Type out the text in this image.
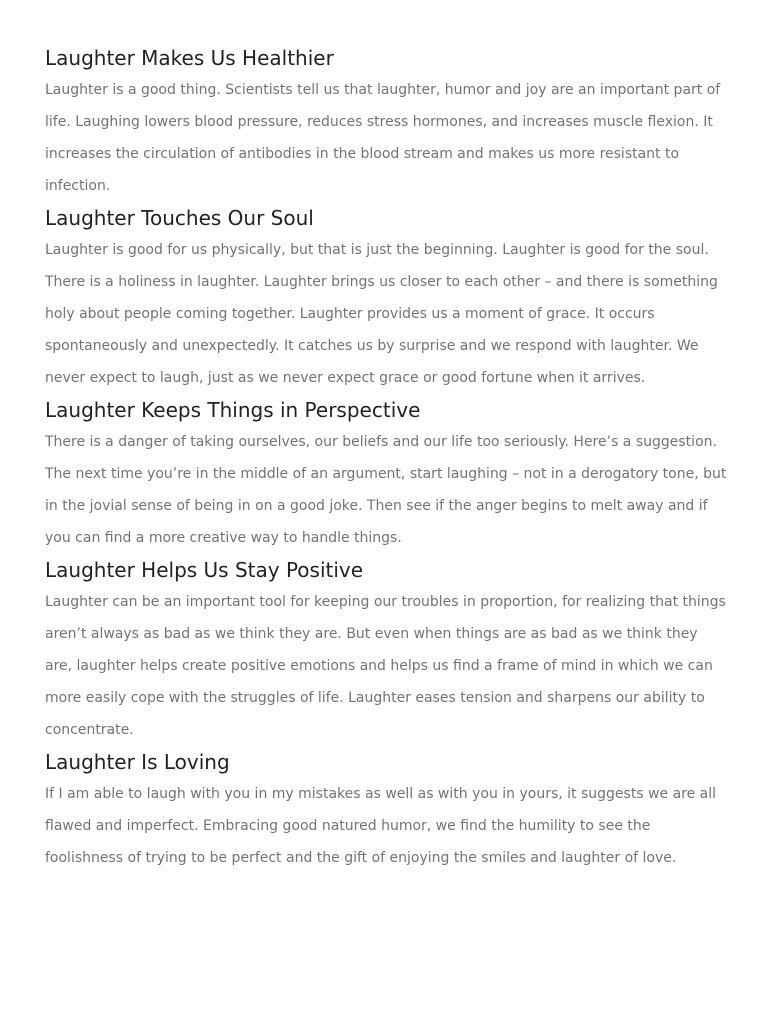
Laughter Makes Us Healthier

Laughter is a good thing. Scientists tell us that laughter, humor and joy are an important part of life. Laughing lowers blood pressure, reduces stress hormones, and increases muscle flexion. It increases the circulation of antibodies in the blood stream and makes us more resistant to infection.

Laughter Touches Our Soul

Laughter is good for us physically, but that is just the beginning. Laughter is good for the soul. There is a holiness in laughter. Laughter brings us closer to each other – and there is something holy about people coming together. Laughter provides us a moment of grace. It occurs spontaneously and unexpectedly. It catches us by surprise and we respond with laughter. We never expect to laugh, just as we never expect grace or good fortune when it arrives.

Laughter Keeps Things in Perspective

There is a danger of taking ourselves, our beliefs and our life too seriously. Here’s a suggestion. The next time you’re in the middle of an argument, start laughing – not in a derogatory tone, but in the jovial sense of being in on a good joke. Then see if the anger begins to melt away and if you can find a more creative way to handle things.

Laughter Helps Us Stay Positive

Laughter can be an important tool for keeping our troubles in proportion, for realizing that things aren’t always as bad as we think they are. But even when things are as bad as we think they are, laughter helps create positive emotions and helps us find a frame of mind in which we can more easily cope with the struggles of life. Laughter eases tension and sharpens our ability to concentrate.

Laughter Is Loving

If I am able to laugh with you in my mistakes as well as with you in yours, it suggests we are all flawed and imperfect. Embracing good natured humor, we find the humility to see the foolishness of trying to be perfect and the gift of enjoying the smiles and laughter of love.
